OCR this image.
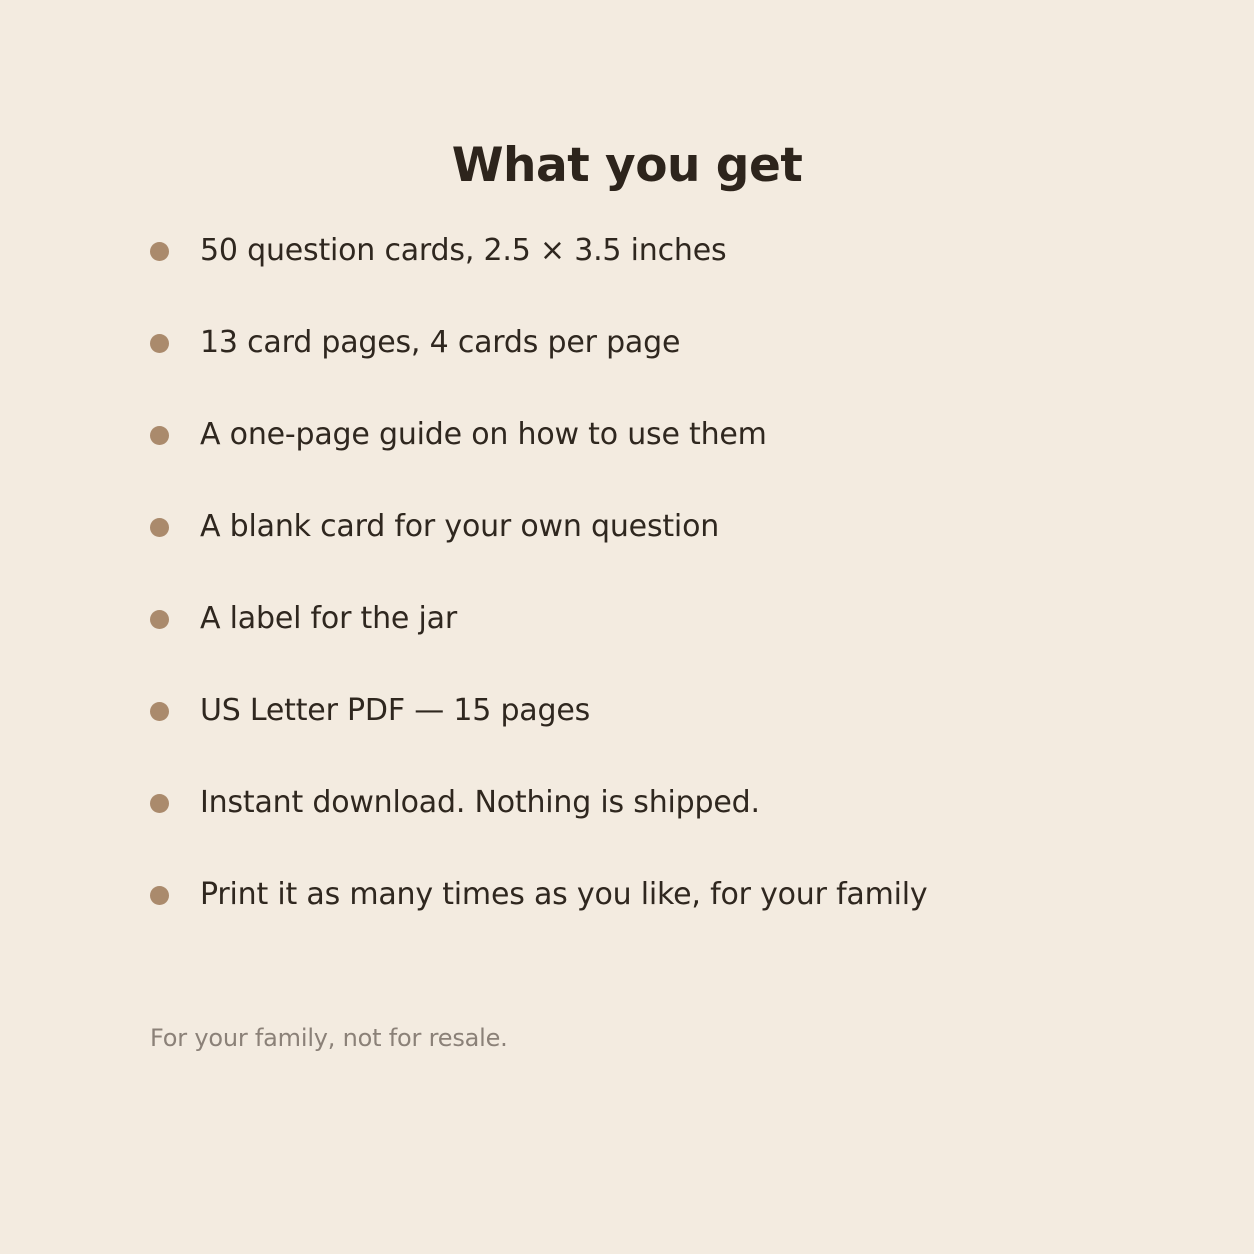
What you get
50 question cards, 2.5 × 3.5 inches
13 card pages, 4 cards per page
A one-page guide on how to use them
A blank card for your own question
A label for the jar
US Letter PDF — 15 pages
Instant download. Nothing is shipped.
Print it as many times as you like, for your family

For your family, not for resale.
